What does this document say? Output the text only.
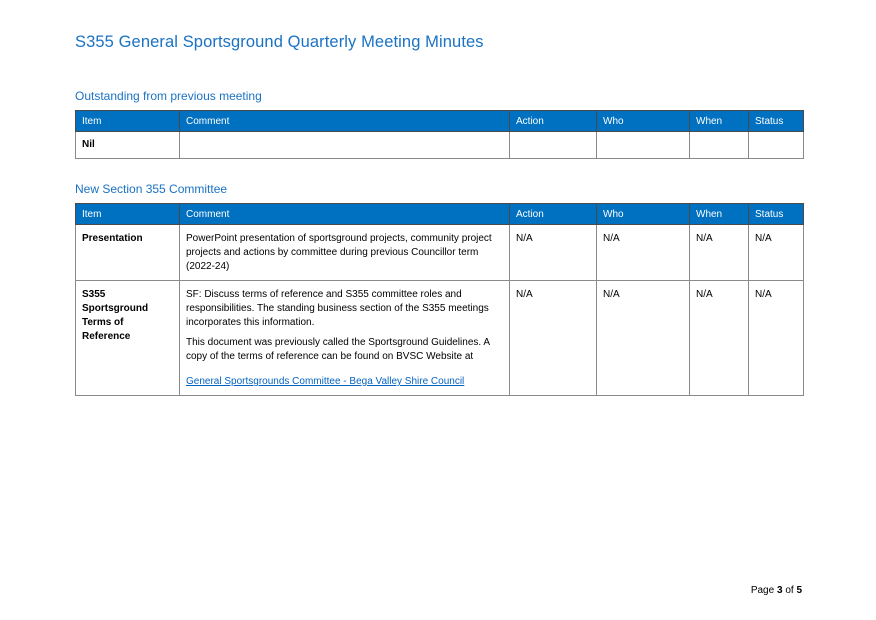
S355 General Sportsground Quarterly Meeting Minutes
Outstanding from previous meeting
Item	Comment	Action	Who	When	Status
Nil					
New Section 355 Committee
Item	Comment	Action	Who	When	Status
Presentation	PowerPoint presentation of sportsground projects, community project projects and actions by committee during previous Councillor term (2022-24)	N/A	N/A	N/A	N/A
S355 Sportsground Terms of Reference	SF: Discuss terms of reference and S355 committee roles and responsibilities. The standing business section of the S355 meetings incorporates this information.

This document was previously called the Sportsground Guidelines. A copy of the terms of reference can be found on BVSC Website at

General Sportsgrounds Committee - Bega Valley Shire Council	N/A	N/A	N/A	N/A
Page 3 of 5
